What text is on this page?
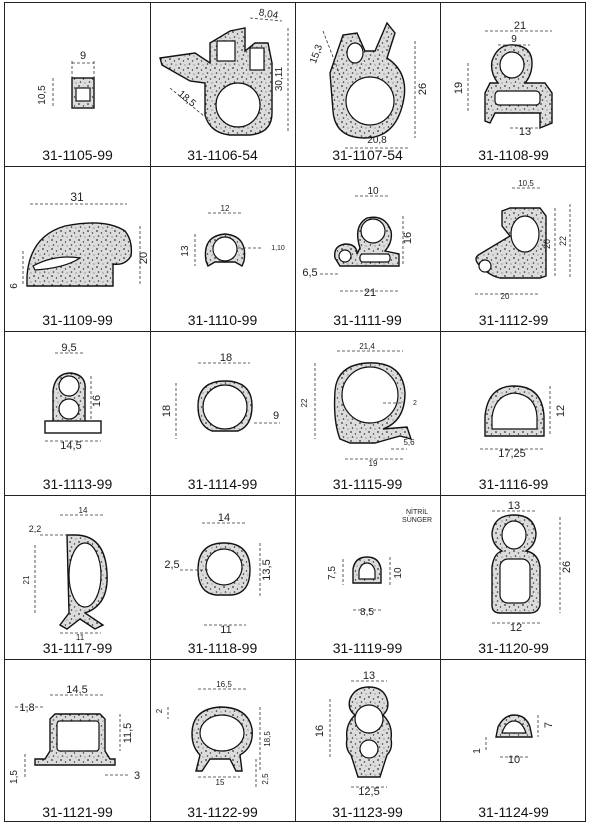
9
10,5
31-1105-99
8,04
30,11
18,5
31-1106-54
15,3
26
20,8
31-1107-54
21
9
19
13
31-1108-99
31
20
6
31-1109-99
12
13	1,10
31-1110-99
10
16
6,5
21
31-1111-99
10,5
20 22
20
31-1112-99
9,5
16
14,5
31-1113-99
18
18	9
31-1114-99
21,4
22	2
5,6
19
31-1115-99
12
17,25
31-1116-99
14
2,2
21
11
31-1117-99
14
2,5	13,5
11
31-1118-99
7,5	10
8,5
31-1119-99
NİTRİL
SÜNGER
13
26
12
31-1120-99
14,5
1,8
11,5
1,5	3
31-1121-99
16,5
2
18,5
15	2,5
31-1122-99
13
16
12,5
31-1123-99
7
1
10
31-1124-99
